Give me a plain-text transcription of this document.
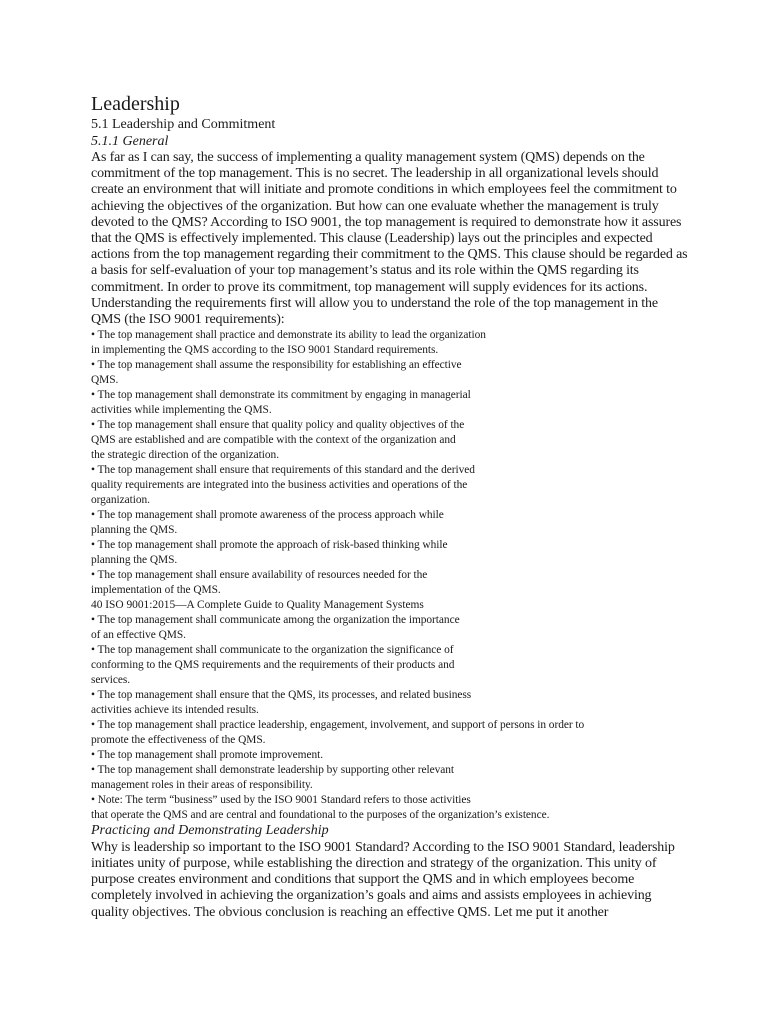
Leadership

5.1 Leadership and Commitment

5.1.1 General

As far as I can say, the success of implementing a quality management system (QMS) depends on the commitment of the top management. This is no secret. The leadership in all organizational levels should create an environment that will initiate and promote conditions in which employees feel the commitment to achieving the objectives of the organization. But how can one evaluate whether the management is truly devoted to the QMS? According to ISO 9001, the top management is required to demonstrate how it assures that the QMS is effectively implemented. This clause (Leadership) lays out the principles and expected actions from the top management regarding their commitment to the QMS. This clause should be regarded as a basis for self-evaluation of your top management’s status and its role within the QMS regarding its commitment. In order to prove its commitment, top management will supply evidences for its actions. Understanding the requirements first will allow you to understand the role of the top management in the QMS (the ISO 9001 requirements):

• The top management shall practice and demonstrate its ability to lead the organization
in implementing the QMS according to the ISO 9001 Standard requirements.
• The top management shall assume the responsibility for establishing an effective
QMS.
• The top management shall demonstrate its commitment by engaging in managerial
activities while implementing the QMS.
• The top management shall ensure that quality policy and quality objectives of the
QMS are established and are compatible with the context of the organization and
the strategic direction of the organization.
• The top management shall ensure that requirements of this standard and the derived
quality requirements are integrated into the business activities and operations of the
organization.
• The top management shall promote awareness of the process approach while
planning the QMS.
• The top management shall promote the approach of risk-based thinking while
planning the QMS.
• The top management shall ensure availability of resources needed for the
implementation of the QMS.

40 ISO 9001:2015—A Complete Guide to Quality Management Systems

• The top management shall communicate among the organization the importance
of an effective QMS.
• The top management shall communicate to the organization the significance of
conforming to the QMS requirements and the requirements of their products and
services.
• The top management shall ensure that the QMS, its processes, and related business
activities achieve its intended results.
• The top management shall practice leadership, engagement, involvement, and support of persons in order to
promote the effectiveness of the QMS.
• The top management shall promote improvement.
• The top management shall demonstrate leadership by supporting other relevant
management roles in their areas of responsibility.
• Note: The term “business” used by the ISO 9001 Standard refers to those activities
that operate the QMS and are central and foundational to the purposes of the organization’s existence.

Practicing and Demonstrating Leadership

Why is leadership so important to the ISO 9001 Standard? According to the ISO 9001 Standard, leadership initiates unity of purpose, while establishing the direction and strategy of the organization. This unity of purpose creates environment and conditions that support the QMS and in which employees become completely involved in achieving the organization’s goals and aims and assists employees in achieving quality objectives. The obvious conclusion is reaching an effective QMS. Let me put it another
